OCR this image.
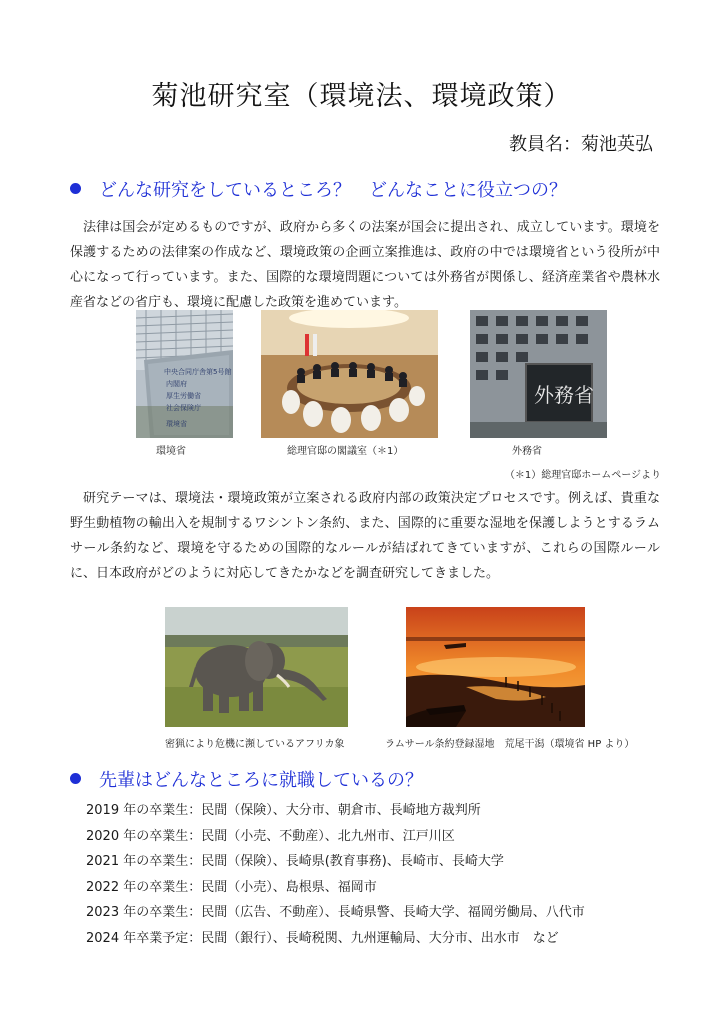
菊池研究室（環境法、環境政策）
教員名：菊池英弘
どんな研究をしているところ？　どんなことに役立つの？

法律は国会が定めるものですが、政府から多くの法案が国会に提出され、成立しています。環境を保護するための法律案の作成など、環境政策の企画立案推進は、政府の中では環境省という役所が中心になって行っています。また、国際的な環境問題については外務省が関係し、経済産業省や農林水産省などの省庁も、環境に配慮した政策を進めています。

中央合同庁舎第5号館
内閣府
厚生労働省
社会保険庁
環境省
環境省	総理官邸の閣議室（＊1）
外務省
外務省
（＊1）総理官邸ホームページより

研究テーマは、環境法・環境政策が立案される政府内部の政策決定プロセスです。例えば、貴重な野生動植物の輸出入を規制するワシントン条約、また、国際的に重要な湿地を保護しようとするラムサール条約など、環境を守るための国際的なルールが結ばれてきていますが、これらの国際ルールに、日本政府がどのように対応してきたかなどを調査研究してきました。

密猟により危機に瀕しているアフリカ象	ラムサール条約登録湿地　荒尾干潟（環境省 HP より）
先輩はどんなところに就職しているの？
2019 年の卒業生：民間（保険）、大分市、朝倉市、長崎地方裁判所
2020 年の卒業生：民間（小売、不動産）、北九州市、江戸川区
2021 年の卒業生：民間（保険）、長崎県(教育事務)、長崎市、長崎大学
2022 年の卒業生：民間（小売）、島根県、福岡市
2023 年の卒業生：民間（広告、不動産）、長崎県警、長崎大学、福岡労働局、八代市
2024 年卒業予定：民間（銀行）、長崎税関、九州運輸局、大分市、出水市　など
